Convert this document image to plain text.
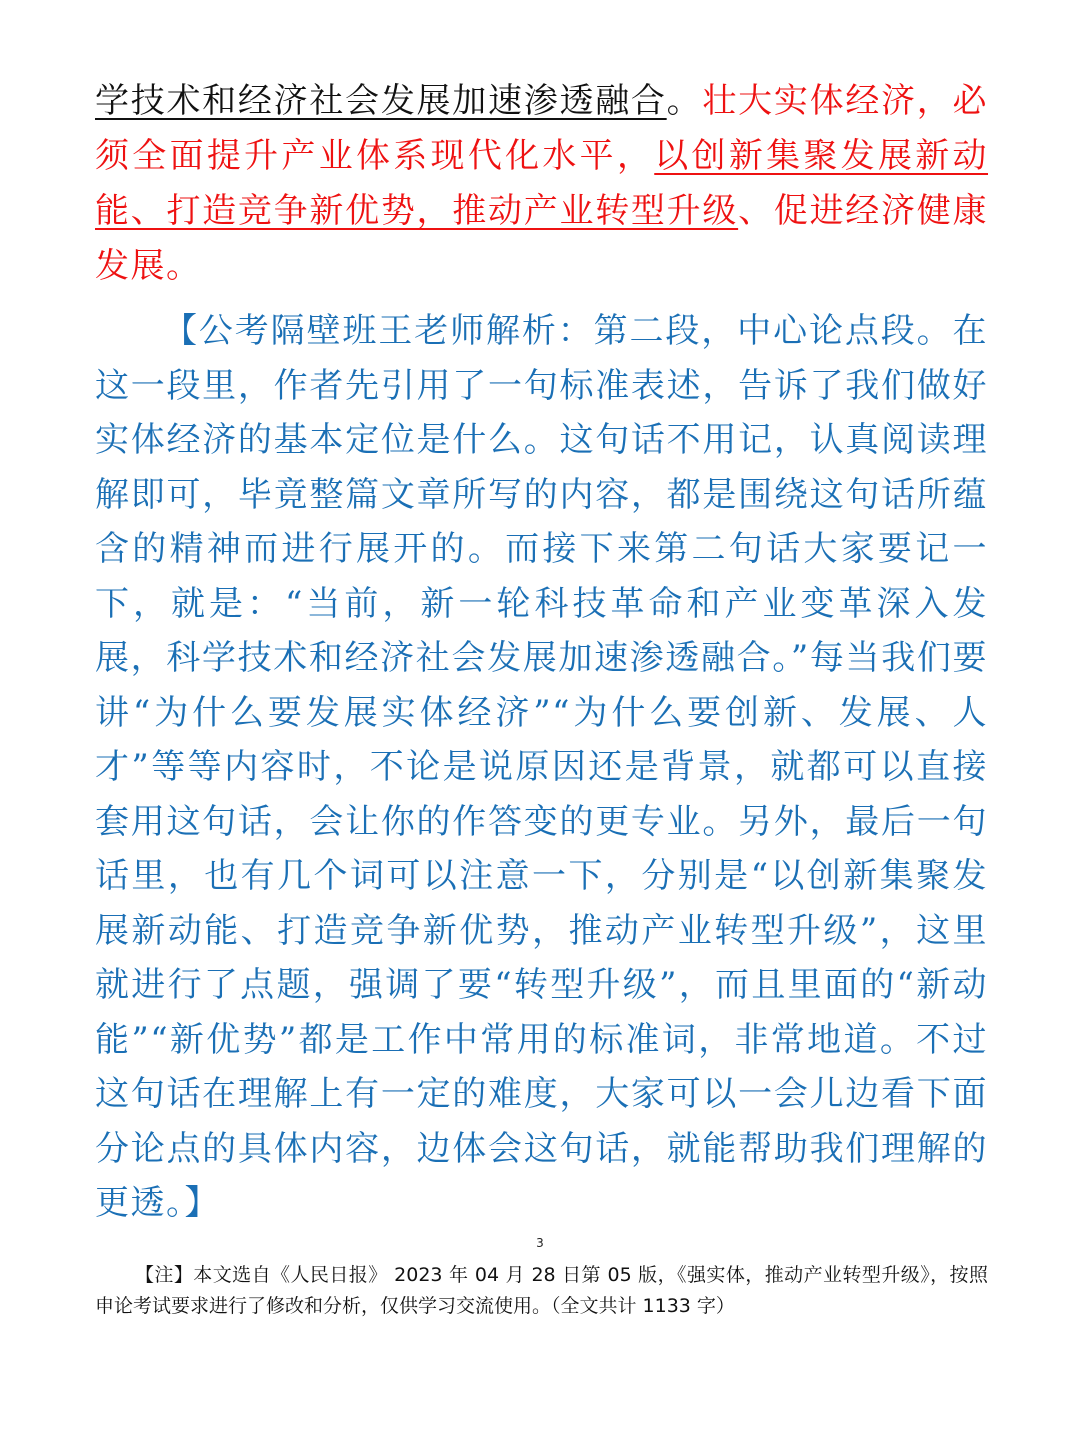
学技术和经济社会发展加速渗透融合。壮大实体经济，必须全面提升产业体系现代化水平，以创新集聚发展新动能、打造竞争新优势，推动产业转型升级、促进经济健康发展。

【公考隔壁班王老师解析：第二段，中心论点段。在这一段里，作者先引用了一句标准表述，告诉了我们做好实体经济的基本定位是什么。这句话不用记，认真阅读理解即可，毕竟整篇文章所写的内容，都是围绕这句话所蕴含的精神而进行展开的。而接下来第二句话大家要记一下，就是：“当前，新一轮科技革命和产业变革深入发展，科学技术和经济社会发展加速渗透融合。”每当我们要讲“为什么要发展实体经济”“为什么要创新、发展、人才”等等内容时，不论是说原因还是背景，就都可以直接套用这句话，会让你的作答变的更专业。另外，最后一句话里，也有几个词可以注意一下，分别是“以创新集聚发展新动能、打造竞争新优势，推动产业转型升级”，这里就进行了点题，强调了要“转型升级”，而且里面的“新动能”“新优势”都是工作中常用的标准词，非常地道。不过这句话在理解上有一定的难度，大家可以一会儿边看下面分论点的具体内容，边体会这句话，就能帮助我们理解的更透。】

3

【注】本文选自《人民日报》 2023 年 04 月 28 日第 05 版，《强实体，推动产业转型升级》，按照申论考试要求进行了修改和分析，仅供学习交流使用。（全文共计 1133 字）
